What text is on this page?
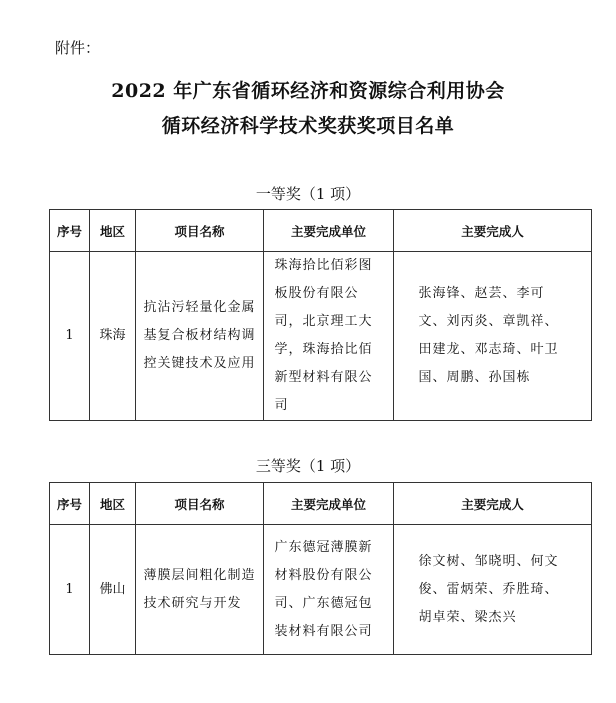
附件：
2022 年广东省循环经济和资源综合利用协会
循环经济科学技术奖获奖项目名单
一等奖（1 项）
序号	地区	项目名称	主要完成单位	主要完成人
1	珠海	抗沾污轻量化金属基复合板材结构调控关键技术及应用	珠海拾比佰彩图板股份有限公司，北京理工大学，珠海拾比佰新型材料有限公司	张海锋、赵芸、李可文、刘丙炎、章凯祥、田建龙、邓志琦、叶卫国、周鹏、孙国栋
三等奖（1 项）
序号	地区	项目名称	主要完成单位	主要完成人
1	佛山	薄膜层间粗化制造技术研究与开发	广东德冠薄膜新材料股份有限公司、广东德冠包装材料有限公司	徐文树、邹晓明、何文俊、雷炳荣、乔胜琦、胡卓荣、梁杰兴
